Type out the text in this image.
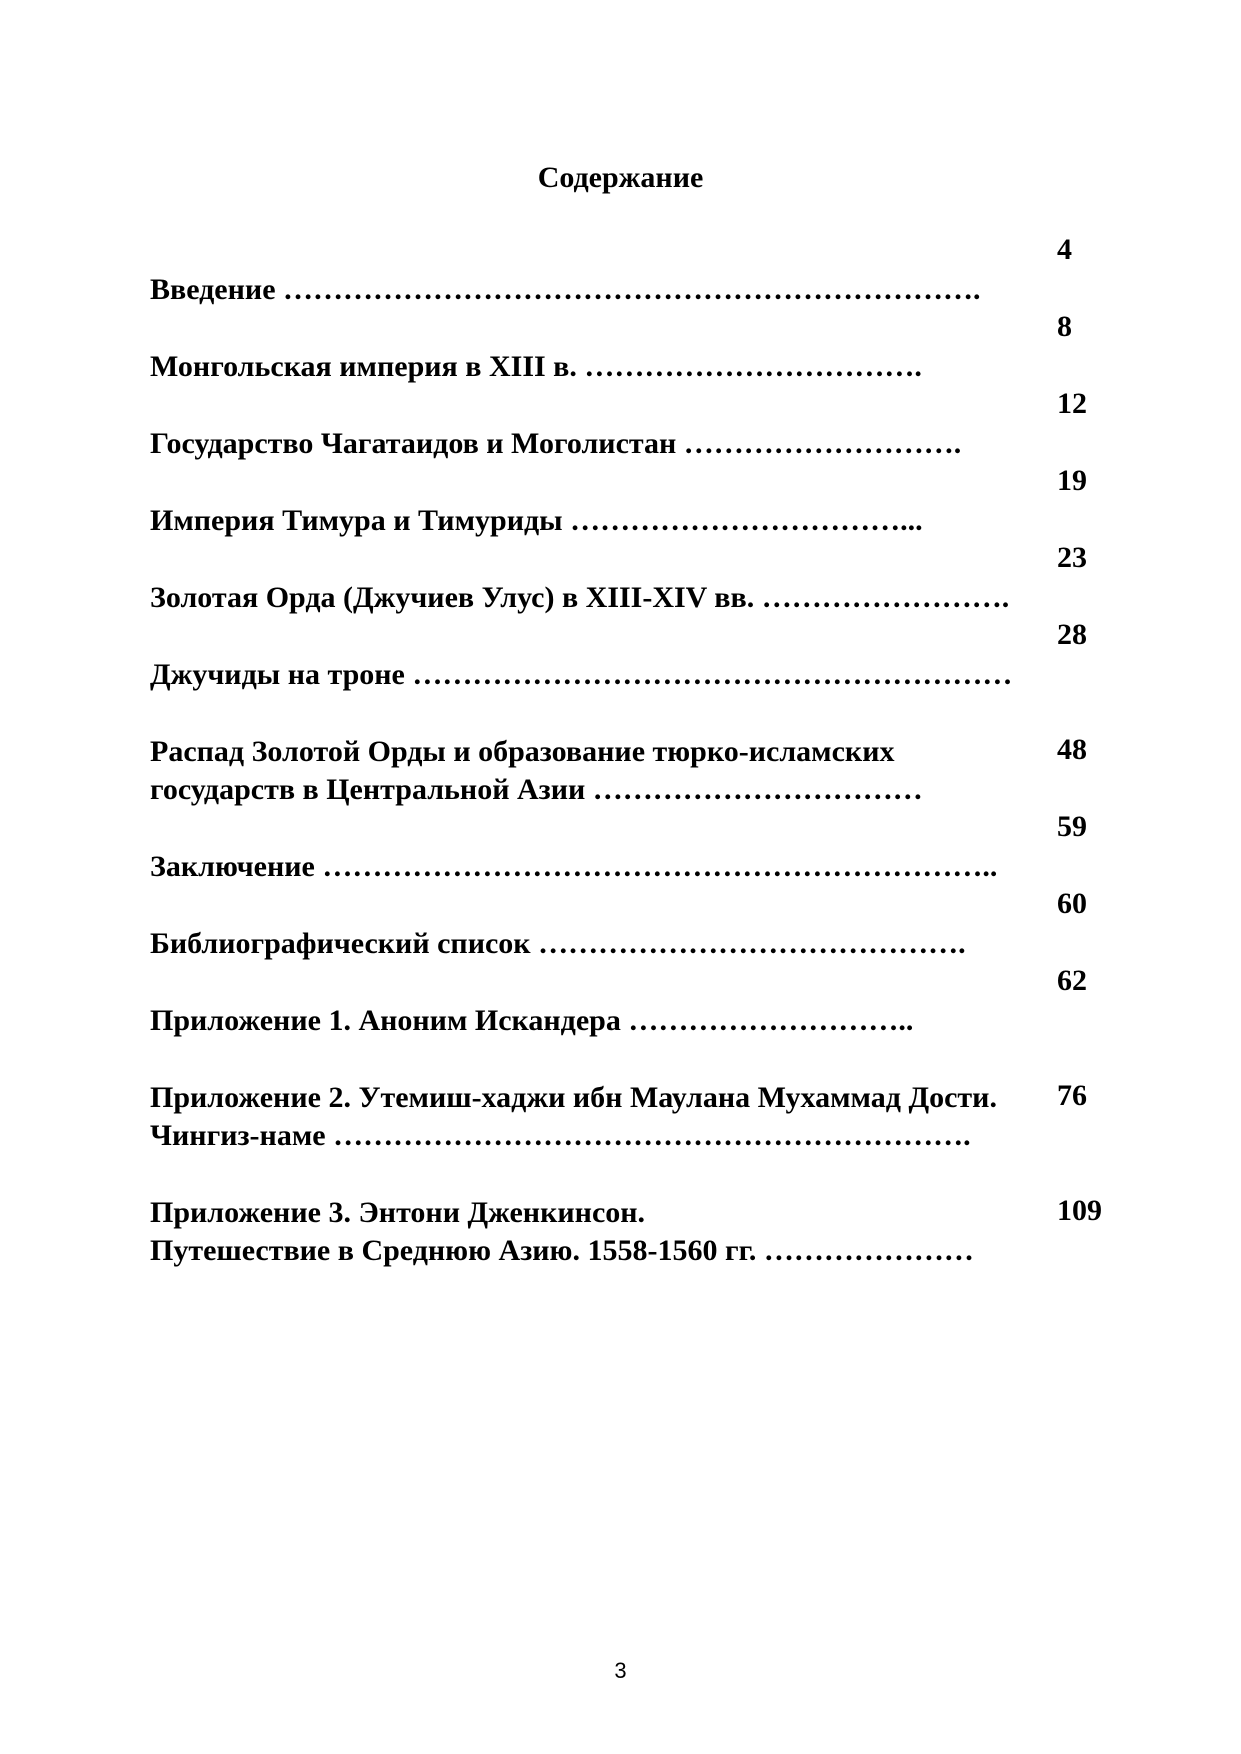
Содержание

Введение …………………………………………………………….

4

Монгольская империя в XIII в. …………………………….

8

Государство Чагатаидов и Моголистан ……………………….

12

Империя Тимура и Тимуриды ……………………………...

19

Золотая Орда (Джучиев Улус) в XIII-XIV вв. …………………….

23

Джучиды на троне ……………………………………………………

28

Распад Золотой Орды и образование тюрко-исламских

государств в Центральной Азии ……………………………

48

Заключение …………………………………………………………..

59

Библиографический список …………………………………….

60

Приложение 1. Аноним Искандера ………………………..

62

Приложение 2. Утемиш-хаджи ибн Маулана Мухаммад Дости.

Чингиз-наме ……………………………………………………….

76

Приложение 3. Энтони Дженкинсон.

Путешествие в Среднюю Азию. 1558-1560 гг. …………………

109
3
